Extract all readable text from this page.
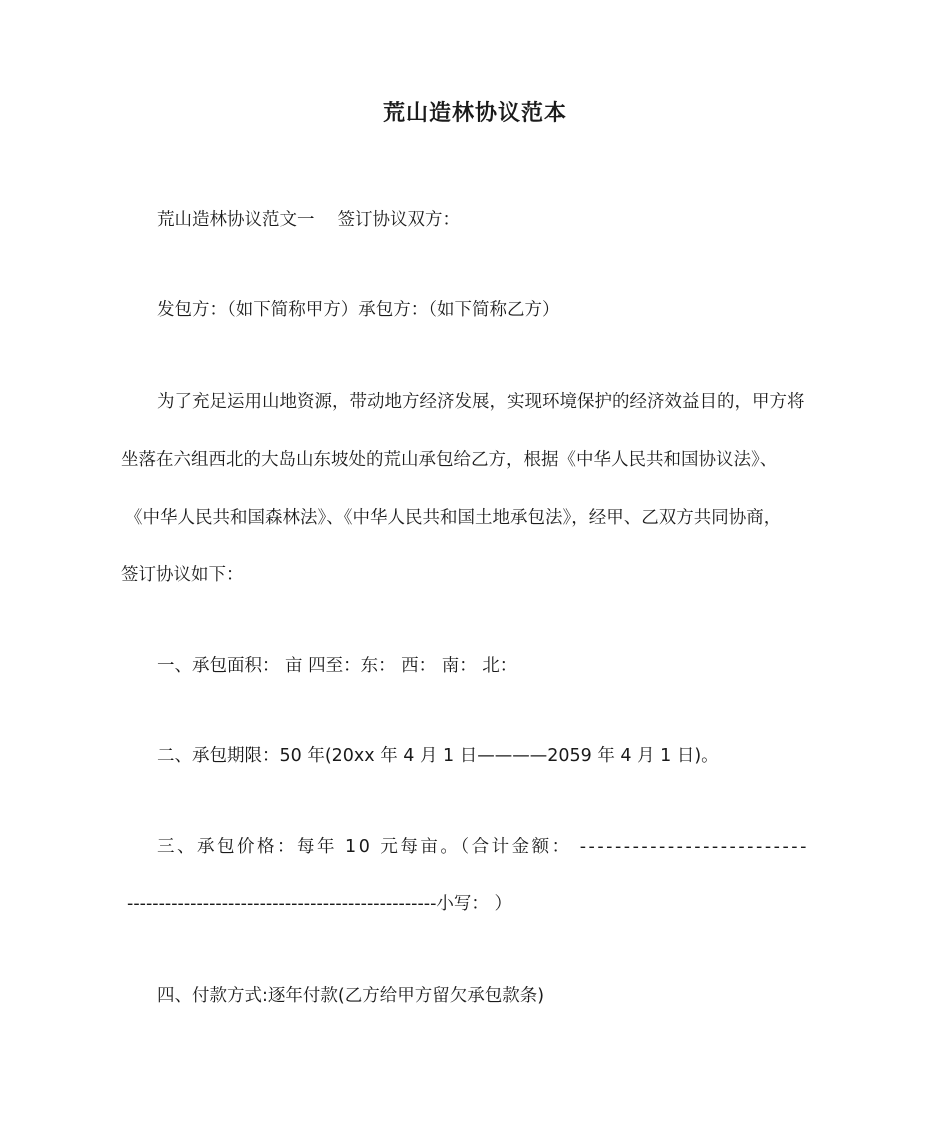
荒山造林协议范本
荒山造林协议范文一　 签订协议双方：
发包方：（如下简称甲方）承包方：（如下简称乙方）
为了充足运用山地资源，带动地方经济发展，实现环境保护的经济效益目的，甲方将
坐落在六组西北的大岛山东坡处的荒山承包给乙方，根据《中华人民共和国协议法》、
《中华人民共和国森林法》、《中华人民共和国土地承包法》，经甲、乙双方共同协商，
签订协议如下：
一、承包面积： 亩 四至：东： 西： 南： 北：
二、承包期限：50 年(20xx 年 4 月 1 日————2059 年 4 月 1 日)。
三、承包价格：每年 10 元每亩。（合计金额： --------------------------
-------------------------------------------------小写： ）
四、付款方式:逐年付款(乙方给甲方留欠承包款条)
